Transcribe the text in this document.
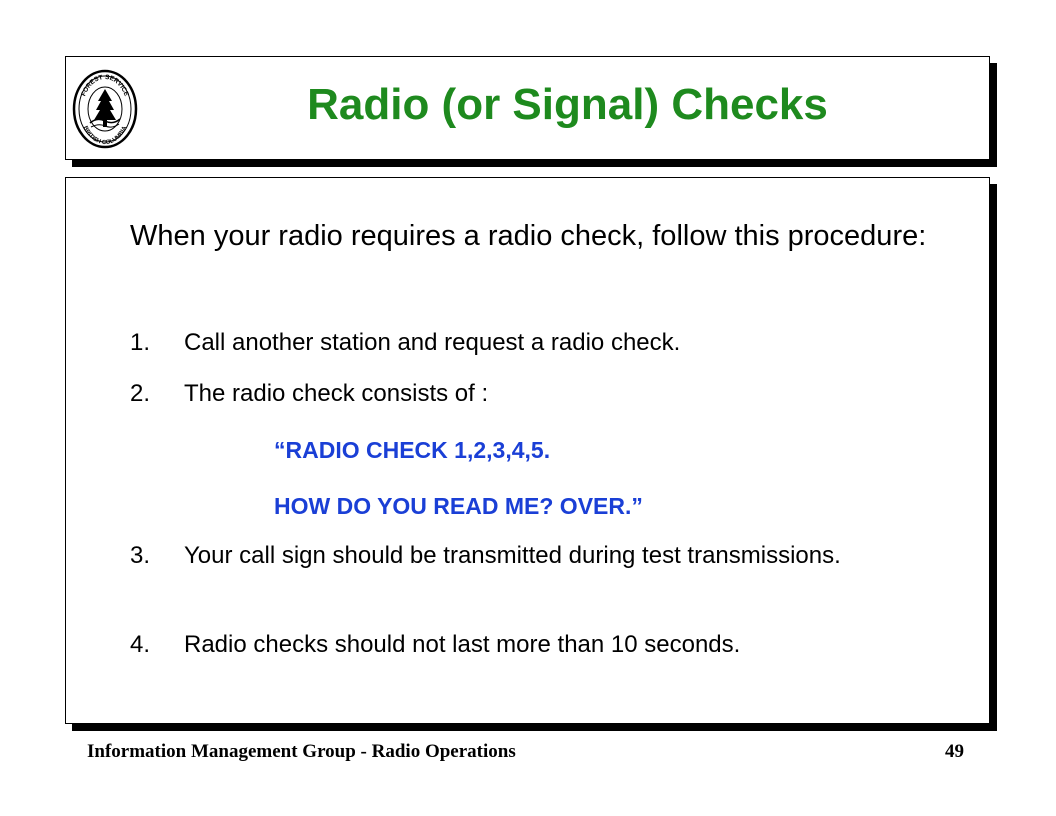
FOREST SERVICE
BRITISH COLUMBIA	Radio (or Signal) Checks

When your radio requires a radio check, follow this procedure:

1. Call another station and request a radio check.
2. The radio check consists of :
“RADIO CHECK 1,2,3,4,5.
HOW DO YOU READ ME? OVER.”
3. Your call sign should be transmitted during test transmissions.
4. Radio checks should not last more than 10 seconds.
Information Management Group - Radio Operations	49
